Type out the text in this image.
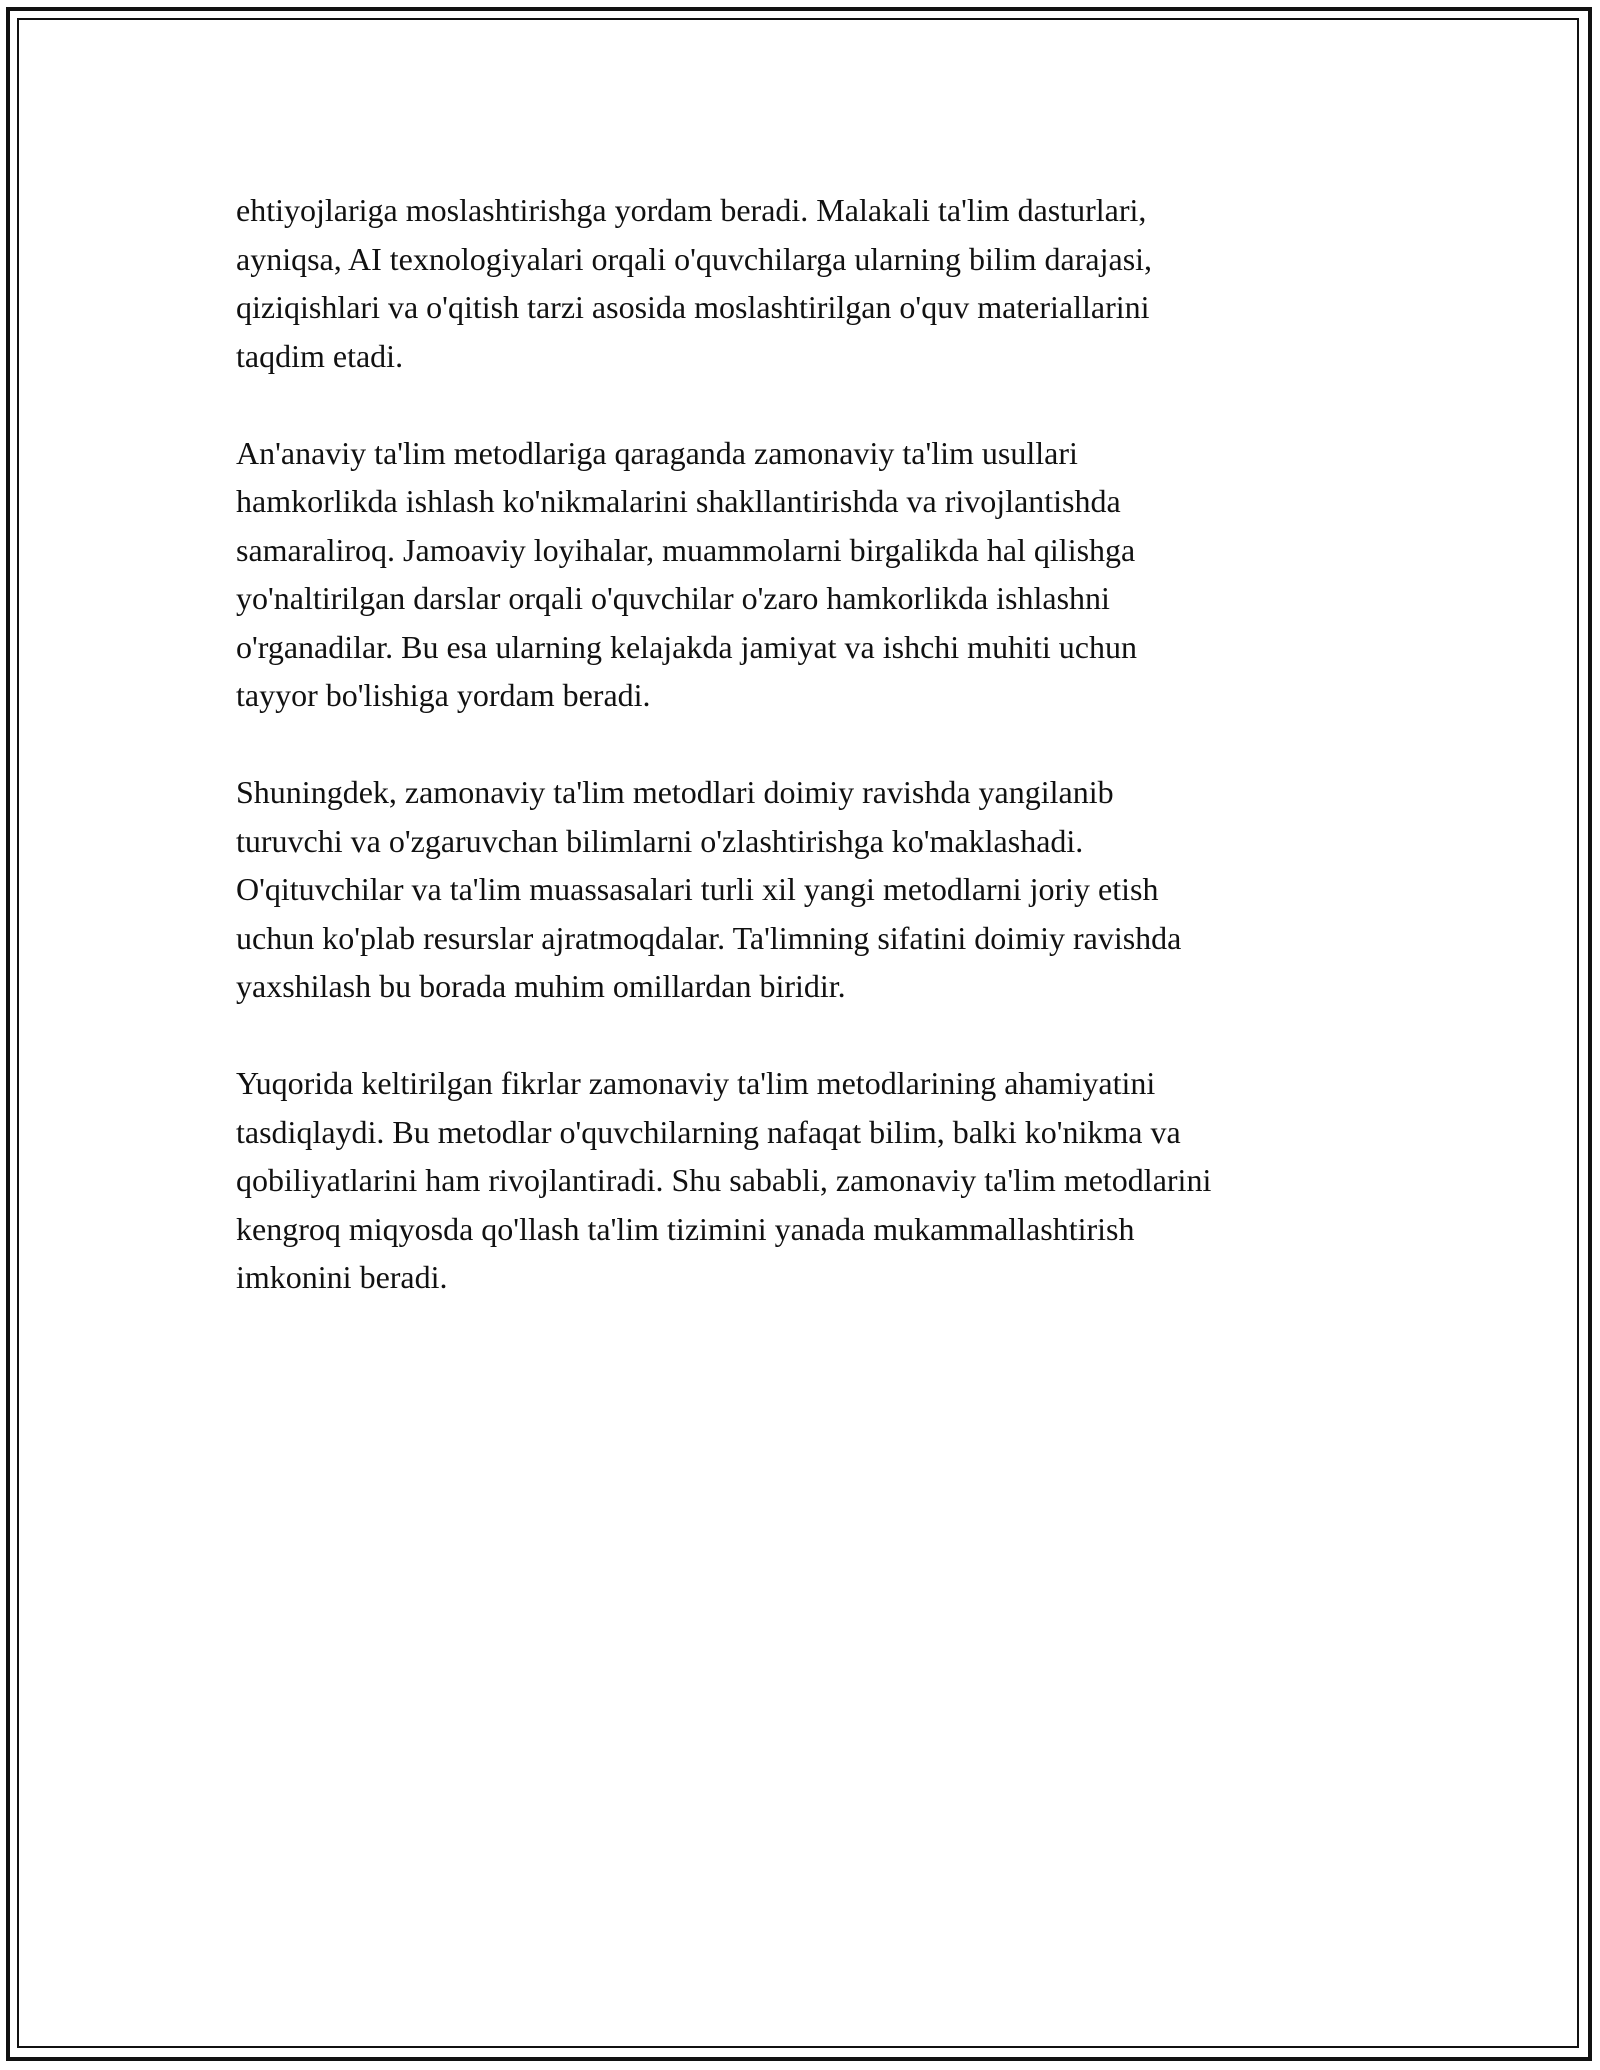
ehtiyojlariga moslashtirishga yordam beradi. Malakali ta'lim dasturlari,
ayniqsa, AI texnologiyalari orqali o'quvchilarga ularning bilim darajasi,
qiziqishlari va o'qitish tarzi asosida moslashtirilgan o'quv materiallarini
taqdim etadi.

An'anaviy ta'lim metodlariga qaraganda zamonaviy ta'lim usullari
hamkorlikda ishlash ko'nikmalarini shakllantirishda va rivojlantishda
samaraliroq. Jamoaviy loyihalar, muammolarni birgalikda hal qilishga
yo'naltirilgan darslar orqali o'quvchilar o'zaro hamkorlikda ishlashni
o'rganadilar. Bu esa ularning kelajakda jamiyat va ishchi muhiti uchun
tayyor bo'lishiga yordam beradi.

Shuningdek, zamonaviy ta'lim metodlari doimiy ravishda yangilanib
turuvchi va o'zgaruvchan bilimlarni o'zlashtirishga ko'maklashadi.
O'qituvchilar va ta'lim muassasalari turli xil yangi metodlarni joriy etish
uchun ko'plab resurslar ajratmoqdalar. Ta'limning sifatini doimiy ravishda
yaxshilash bu borada muhim omillardan biridir.

Yuqorida keltirilgan fikrlar zamonaviy ta'lim metodlarining ahamiyatini
tasdiqlaydi. Bu metodlar o'quvchilarning nafaqat bilim, balki ko'nikma va
qobiliyatlarini ham rivojlantiradi. Shu sababli, zamonaviy ta'lim metodlarini
kengroq miqyosda qo'llash ta'lim tizimini yanada mukammallashtirish
imkonini beradi.
